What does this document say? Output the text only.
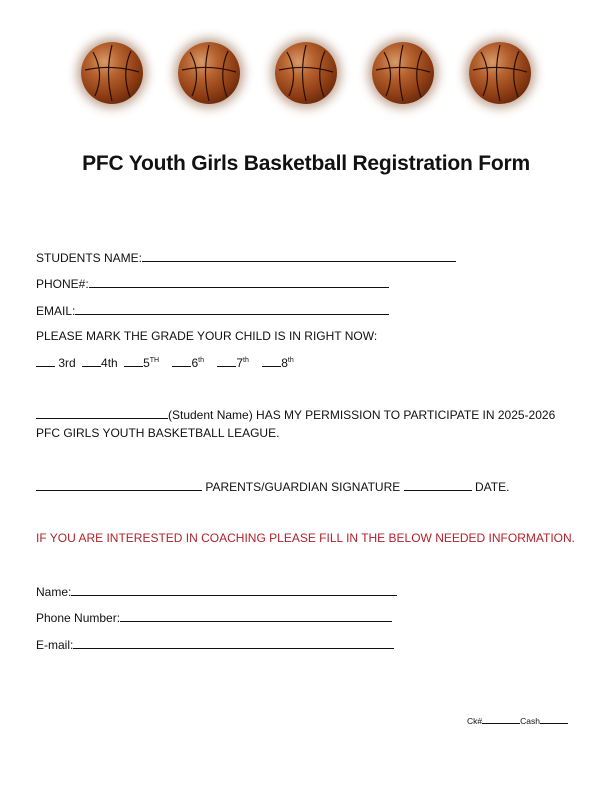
PFC Youth Girls Basketball Registration Form
STUDENTS NAME:
PHONE#:
EMAIL:
PLEASE MARK THE GRADE YOUR CHILD IS IN RIGHT NOW:
3rd 4th 5TH	6th	7th	8th
(Student Name) HAS MY PERMISSION TO PARTICIPATE IN 2025-2026
PFC GIRLS YOUTH BASKETBALL LEAGUE.
PARENTS/GUARDIAN SIGNATURE	DATE.
IF YOU ARE INTERESTED IN COACHING PLEASE FILL IN THE BELOW NEEDED INFORMATION.
Name:
Phone Number:
E-mail:
Ck#	Cash
